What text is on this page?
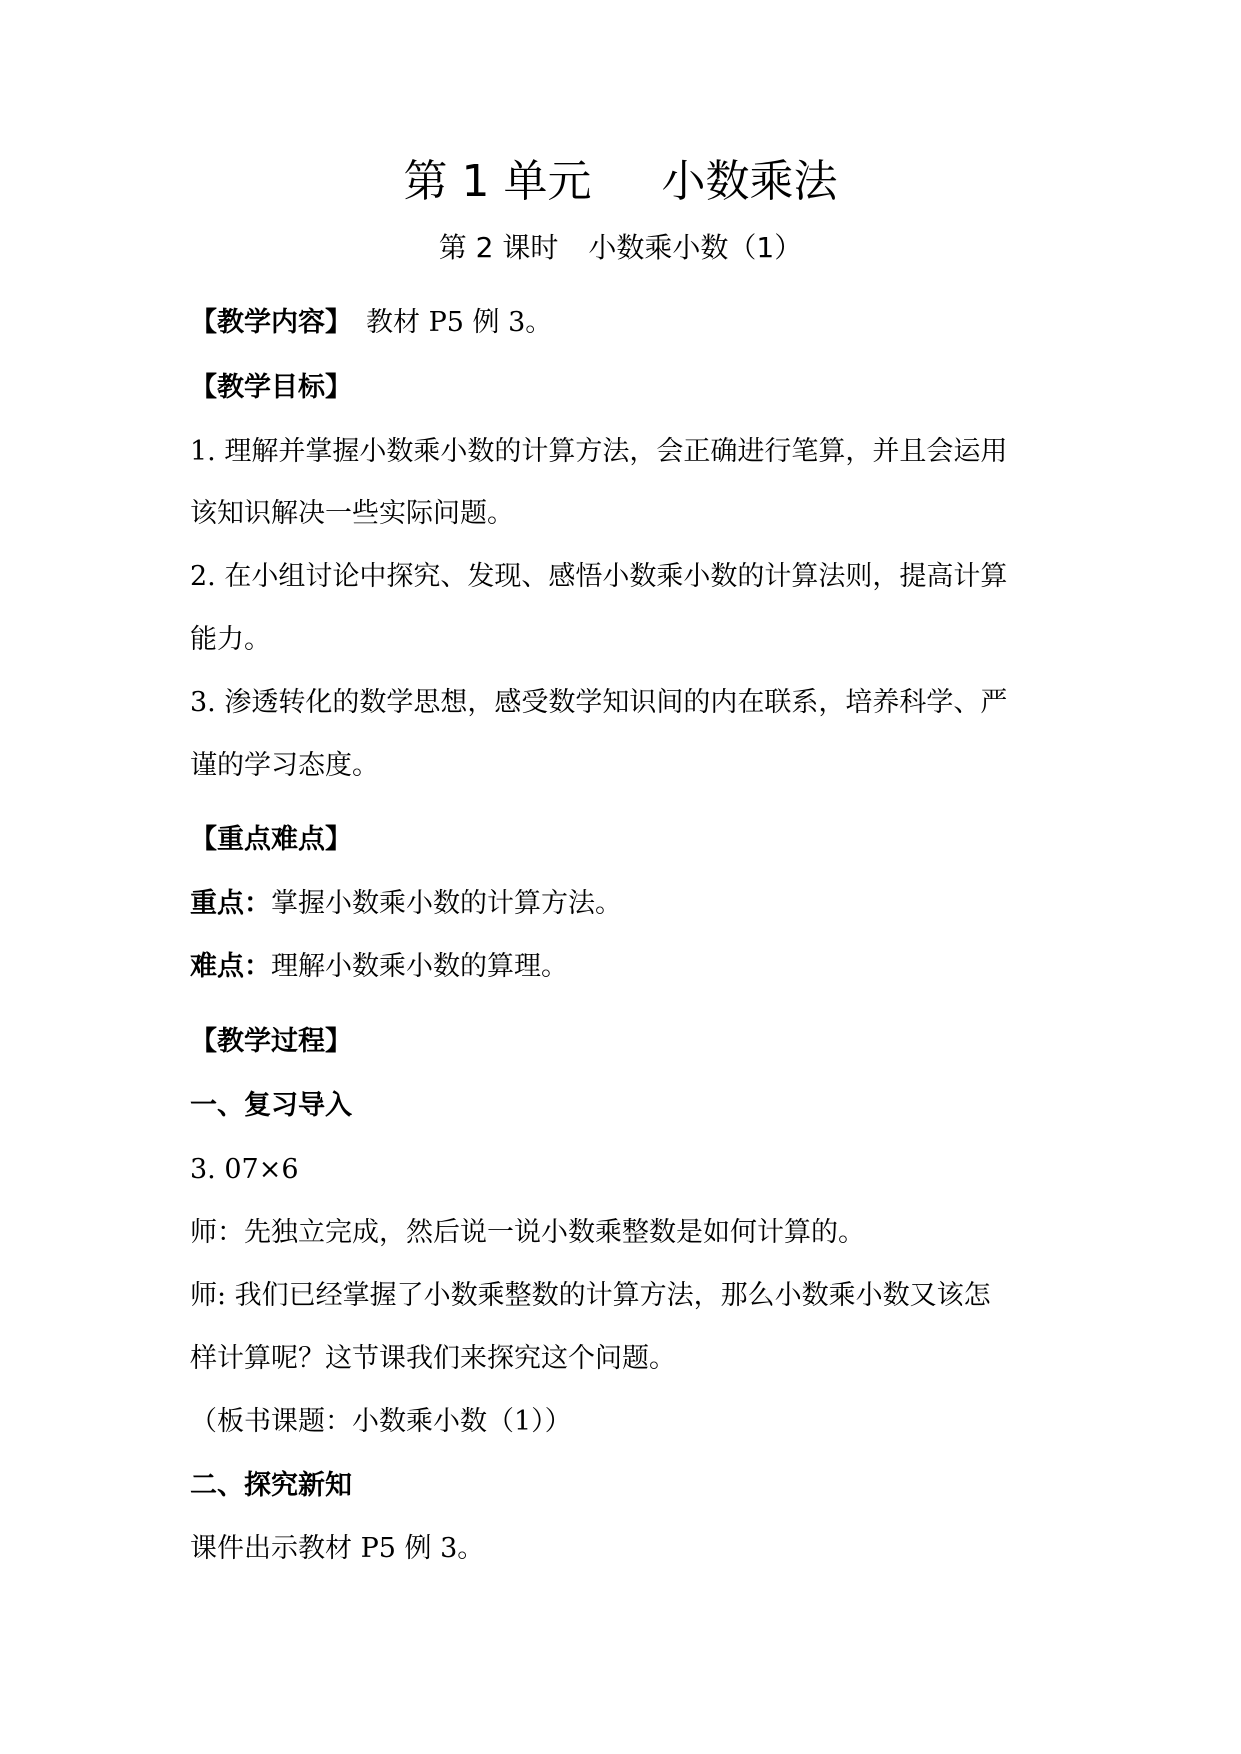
第 1 单元 小数乘法
第 2 课时 小数乘小数（1）

【教学内容】 教材 P5 例 3。

【教学目标】

1. 理解并掌握小数乘小数的计算方法，会正确进行笔算，并且会运用

该知识解决一些实际问题。

2. 在小组讨论中探究、发现、感悟小数乘小数的计算法则，提高计算

能力。

3. 渗透转化的数学思想，感受数学知识间的内在联系，培养科学、严

谨的学习态度。

【重点难点】

重点：掌握小数乘小数的计算方法。

难点：理解小数乘小数的算理。

【教学过程】

一、复习导入

3. 07×6

师：先独立完成，然后说一说小数乘整数是如何计算的。

师: 我们已经掌握了小数乘整数的计算方法，那么小数乘小数又该怎

样计算呢？这节课我们来探究这个问题。

（板书课题：小数乘小数（1））

二、探究新知

课件出示教材 P5 例 3。
